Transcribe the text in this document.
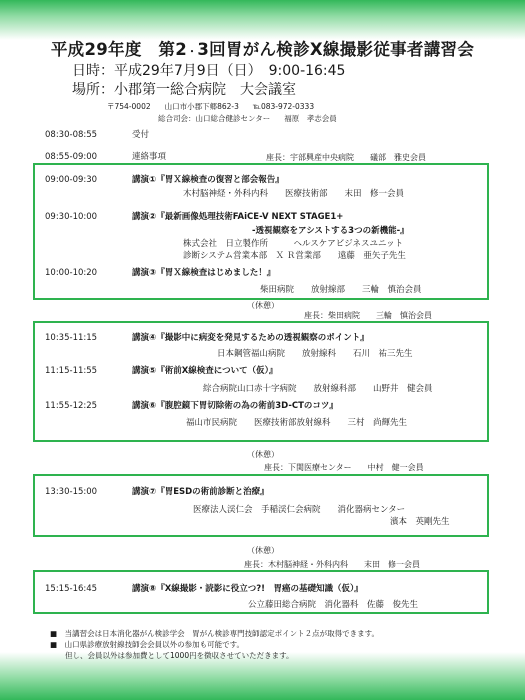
平成29年度　第2・3回胃がん検診X線撮影従事者講習会
日時：平成29年7月9日（日）　9:00-16:45
場所：小郡第一総合病院　大会議室
〒754-0002 山口市小郡下郷862-3 ℡083-972-0333
総合司会：山口総合健診センター 福原　孝志会員
08:30-08:55	受付
08:55-09:00	連絡事項	座長：宇部興産中央病院　　礒部　雅史会員
09:00-09:30	講演①『胃Ｘ線検査の復習と部会報告』
木村脳神経・外科内科　　医療技術部　　末田　修一会員
09:30-10:00	講演②『最新画像処理技術FAiCE-V NEXT STAGE1+
-透視観察をアシストする3つの新機能-』
株式会社　日立製作所　　　ヘルスケアビジネスユニット
診断システム営業本部　Ｘ Ｒ営業部　　遠藤　亜矢子先生
10:00-10:20	講演③『胃Ｘ線検査はじめました！』
柴田病院　　放射線部　　三輪　慎治会員
（休憩）
座長：柴田病院　　三輪　慎治会員
10:35-11:15	講演④『撮影中に病変を発見するための透視観察のポイント』
日本鋼管福山病院　　放射線科　　石川　祐三先生
11:15-11:55	講演⑤『術前X線検査について（仮）』
綜合病院山口赤十字病院　　放射線科部　　山野井　健会員
11:55-12:25	講演⑥『腹腔鏡下胃切除術の為の術前3D-CTのコツ』
福山市民病院　　医療技術部放射線科　　三村　尚輝先生
（休憩）
座長：下関医療センター　　中村　健一会員
13:30-15:00	講演⑦『胃ESDの術前診断と治療』
医療法人渓仁会　手稲渓仁会病院　　消化器病センター
濱本　英剛先生
（休憩）
座長：木村脳神経・外科内科　　末田　修一会員
15:15-16:45	講演⑧『X線撮影・読影に役立つ?!　胃癌の基礎知識（仮）』
公立藤田総合病院　消化器科　佐藤　俊先生
■　当講習会は日本消化器がん検診学会　胃がん検診専門技師認定ポイント２点が取得できます。
■　山口県診療放射線技師会会員以外の参加も可能です。
　　但し、会員以外は参加費として1000円を徴収させていただきます。
